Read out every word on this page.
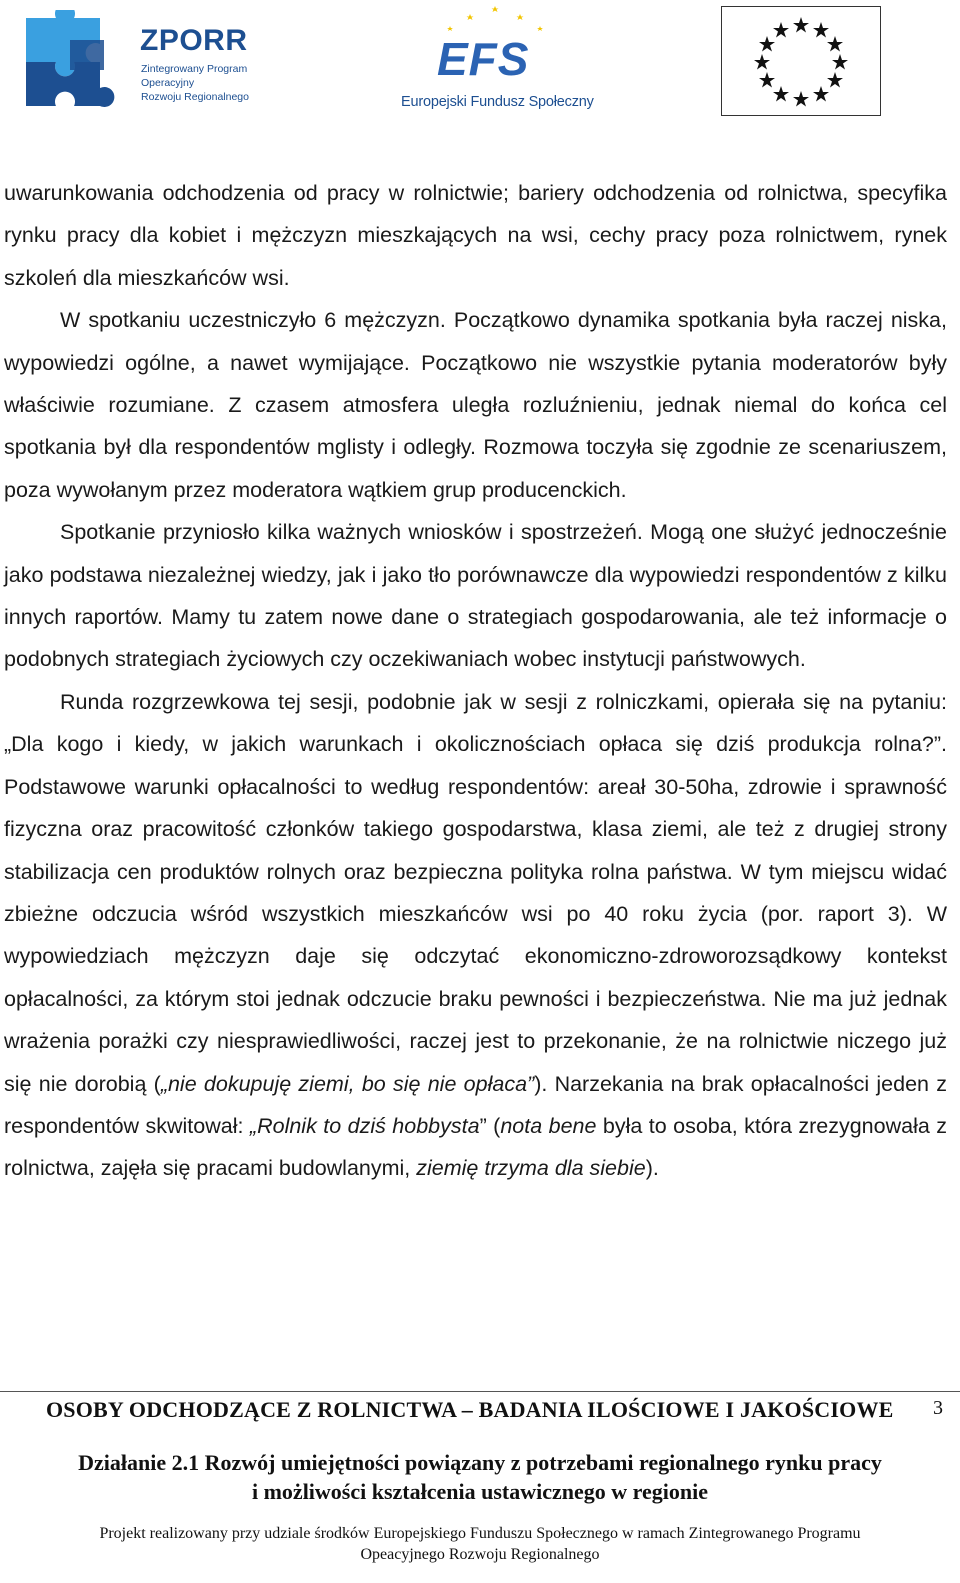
ZPORR
Zintegrowany Program
Operacyjny
Rozwoju Regionalnego
EFS
Europejski Fundusz Społeczny

uwarunkowania odchodzenia od pracy w rolnictwie; bariery odchodzenia od rolnictwa, specyfika rynku pracy dla kobiet i mężczyzn mieszkających na wsi, cechy pracy poza rolnictwem, rynek szkoleń dla mieszkańców wsi.

W spotkaniu uczestniczyło 6 mężczyzn. Początkowo dynamika spotkania była raczej niska, wypowiedzi ogólne, a nawet wymijające. Początkowo nie wszystkie pytania moderatorów były właściwie rozumiane. Z czasem atmosfera uległa rozluźnieniu, jednak niemal do końca cel spotkania był dla respondentów mglisty i odległy. Rozmowa toczyła się zgodnie ze scenariuszem, poza wywołanym przez moderatora wątkiem grup producenckich.

Spotkanie przyniosło kilka ważnych wniosków i spostrzeżeń. Mogą one służyć jednocześnie jako podstawa niezależnej wiedzy, jak i jako tło porównawcze dla wypowiedzi respondentów z kilku innych raportów. Mamy tu zatem nowe dane o strategiach gospodarowania, ale też informacje o podobnych strategiach życiowych czy oczekiwaniach wobec instytucji państwowych.

Runda rozgrzewkowa tej sesji, podobnie jak w sesji z rolniczkami, opierała się na pytaniu: „Dla kogo i kiedy, w jakich warunkach i okolicznościach opłaca się dziś produkcja rolna?”. Podstawowe warunki opłacalności to według respondentów: areał 30-50ha, zdrowie i sprawność fizyczna oraz pracowitość członków takiego gospodarstwa, klasa ziemi, ale też z drugiej strony stabilizacja cen produktów rolnych oraz bezpieczna polityka rolna państwa. W tym miejscu widać zbieżne odczucia wśród wszystkich mieszkańców wsi po 40 roku życia (por. raport 3). W wypowiedziach mężczyzn daje się odczytać ekonomiczno-zdroworozsądkowy kontekst opłacalności, za którym stoi jednak odczucie braku pewności i bezpieczeństwa. Nie ma już jednak wrażenia porażki czy niesprawiedliwości, raczej jest to przekonanie, że na rolnictwie niczego już się nie dorobią („nie dokupuję ziemi, bo się nie opłaca”). Narzekania na brak opłacalności jeden z respondentów skwitował: „Rolnik to dziś hobbysta” (nota bene była to osoba, która zrezygnowała z rolnictwa, zajęła się pracami budowlanymi, ziemię trzyma dla siebie).

OSOBY ODCHODZĄCE Z ROLNICTWA – BADANIA ILOŚCIOWE I JAKOŚCIOWE	3
Działanie 2.1 Rozwój umiejętności powiązany z potrzebami regionalnego rynku pracy
i możliwości kształcenia ustawicznego w regionie
Projekt realizowany przy udziale środków Europejskiego Funduszu Społecznego w ramach Zintegrowanego Programu
Opeacyjnego Rozwoju Regionalnego
